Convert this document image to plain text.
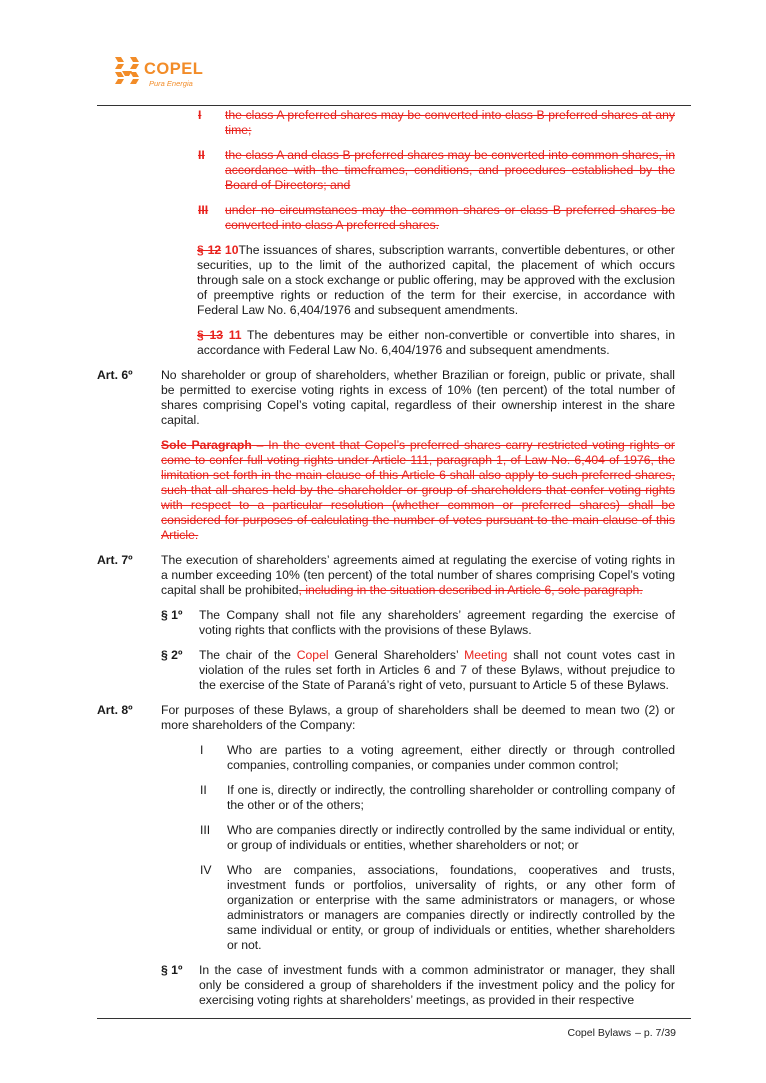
COPEL
Pura Energia
I the class A preferred shares may be converted into class B preferred shares at any time;
II the class A and class B preferred shares may be converted into common shares, in accordance with the timeframes, conditions, and procedures established by the Board of Directors; and
III under no circumstances may the common shares or class B preferred shares be converted into class A preferred shares.
§ 12 10The issuances of shares, subscription warrants, convertible debentures, or other securities, up to the limit of the authorized capital, the placement of which occurs through sale on a stock exchange or public offering, may be approved with the exclusion of preemptive rights or reduction of the term for their exercise, in accordance with Federal Law No. 6,404/1976 and subsequent amendments.
§ 13 11 The debentures may be either non-convertible or convertible into shares, in accordance with Federal Law No. 6,404/1976 and subsequent amendments.
Art. 6º No shareholder or group of shareholders, whether Brazilian or foreign, public or private, shall be permitted to exercise voting rights in excess of 10% (ten percent) of the total number of shares comprising Copel’s voting capital, regardless of their ownership interest in the share capital.
Sole Paragraph – In the event that Copel’s preferred shares carry restricted voting rights or come to confer full voting rights under Article 111, paragraph 1, of Law No. 6,404 of 1976, the limitation set forth in the main clause of this Article 6 shall also apply to such preferred shares, such that all shares held by the shareholder or group of shareholders that confer voting rights with respect to a particular resolution (whether common or preferred shares) shall be considered for purposes of calculating the number of votes pursuant to the main clause of this Article.
Art. 7º The execution of shareholders’ agreements aimed at regulating the exercise of voting rights in a number exceeding 10% (ten percent) of the total number of shares comprising Copel’s voting capital shall be prohibited, including in the situation described in Article 6, sole paragraph.
§ 1º The Company shall not file any shareholders’ agreement regarding the exercise of voting rights that conflicts with the provisions of these Bylaws.
§ 2º The chair of the Copel General Shareholders’ Meeting shall not count votes cast in violation of the rules set forth in Articles 6 and 7 of these Bylaws, without prejudice to the exercise of the State of Paraná’s right of veto, pursuant to Article 5 of these Bylaws.
Art. 8º For purposes of these Bylaws, a group of shareholders shall be deemed to mean two (2) or more shareholders of the Company:
I Who are parties to a voting agreement, either directly or through controlled companies, controlling companies, or companies under common control;
II If one is, directly or indirectly, the controlling shareholder or controlling company of the other or of the others;
III Who are companies directly or indirectly controlled by the same individual or entity, or group of individuals or entities, whether shareholders or not; or
IV Who are companies, associations, foundations, cooperatives and trusts, investment funds or portfolios, universality of rights, or any other form of organization or enterprise with the same administrators or managers, or whose administrators or managers are companies directly or indirectly controlled by the same individual or entity, or group of individuals or entities, whether shareholders or not.
§ 1º In the case of investment funds with a common administrator or manager, they shall only be considered a group of shareholders if the investment policy and the policy for exercising voting rights at shareholders’ meetings, as provided in their respective
Copel Bylaws – p. 7/39
